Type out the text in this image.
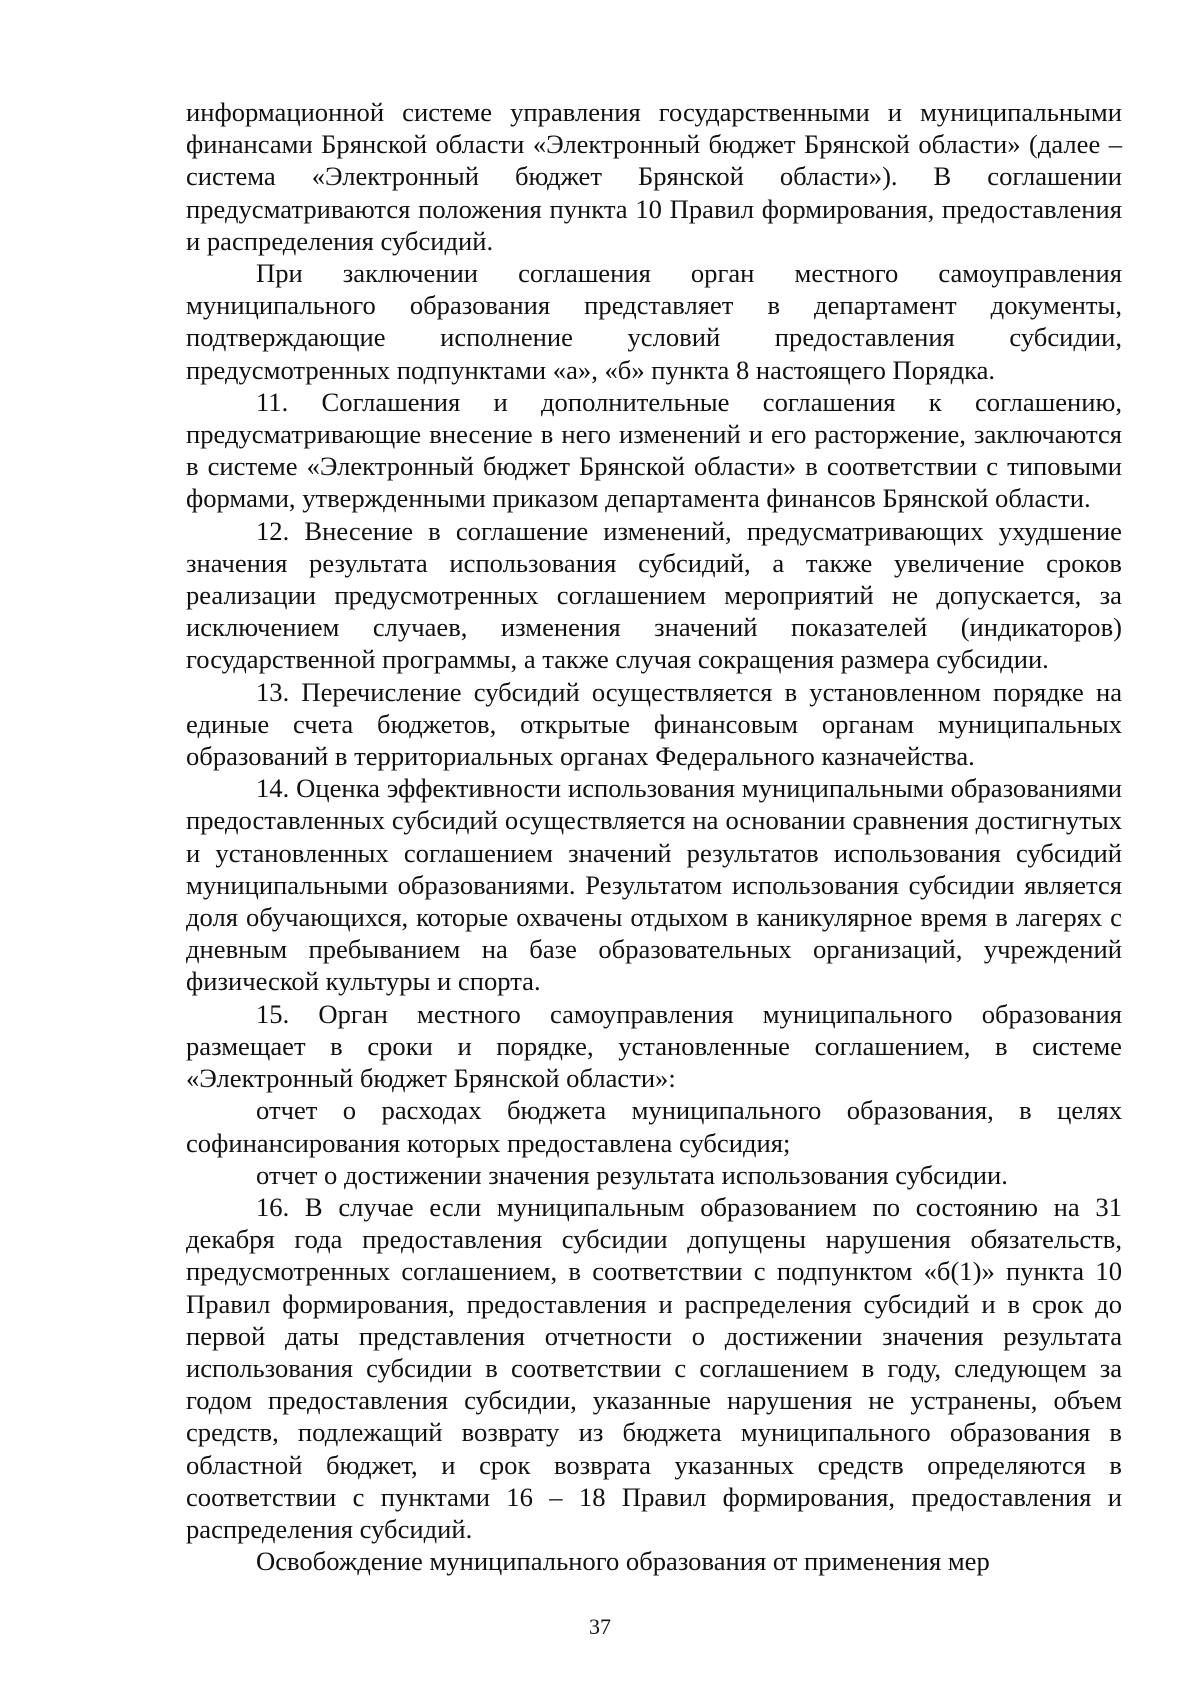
информационной системе управления государственными и муниципальными финансами Брянской области «Электронный бюджет Брянской области» (далее – система «Электронный бюджет Брянской области»). В соглашении предусматриваются положения пункта 10 Правил формирования, предоставления и распределения субсидий.

При заключении соглашения орган местного самоуправления муниципального образования представляет в департамент документы, подтверждающие исполнение условий предоставления субсидии, предусмотренных подпунктами «а», «б» пункта 8 настоящего Порядка.

11. Соглашения и дополнительные соглашения к соглашению, предусматривающие внесение в него изменений и его расторжение, заключаются в системе «Электронный бюджет Брянской области» в соответствии с типовыми формами, утвержденными приказом департамента финансов Брянской области.

12. Внесение в соглашение изменений, предусматривающих ухудшение значения результата использования субсидий, а также увеличение сроков реализации предусмотренных соглашением мероприятий не допускается, за исключением случаев, изменения значений показателей (индикаторов) государственной программы, а также случая сокращения размера субсидии.

13. Перечисление субсидий осуществляется в установленном порядке на единые счета бюджетов, открытые финансовым органам муниципальных образований в территориальных органах Федерального казначейства.

14. Оценка эффективности использования муниципальными образованиями предоставленных субсидий осуществляется на основании сравнения достигнутых и установленных соглашением значений результатов использования субсидий муниципальными образованиями. Результатом использования субсидии является доля обучающихся, которые охвачены отдыхом в каникулярное время в лагерях с дневным пребыванием на базе образовательных организаций, учреждений физической культуры и спорта.

15. Орган местного самоуправления муниципального образования размещает в сроки и порядке, установленные соглашением, в системе «Электронный бюджет Брянской области»:

отчет о расходах бюджета муниципального образования, в целях софинансирования которых предоставлена субсидия;

отчет о достижении значения результата использования субсидии.

16. В случае если муниципальным образованием по состоянию на 31 декабря года предоставления субсидии допущены нарушения обязательств, предусмотренных соглашением, в соответствии с подпунктом «б(1)» пункта 10 Правил формирования, предоставления и распределения субсидий и в срок до первой даты представления отчетности о достижении значения результата использования субсидии в соответствии с соглашением в году, следующем за годом предоставления субсидии, указанные нарушения не устранены, объем средств, подлежащий возврату из бюджета муниципального образования в областной бюджет, и срок возврата указанных средств определяются в соответствии с пунктами 16 – 18 Правил формирования, предоставления и распределения субсидий.

Освобождение муниципального образования от применения мер

37
